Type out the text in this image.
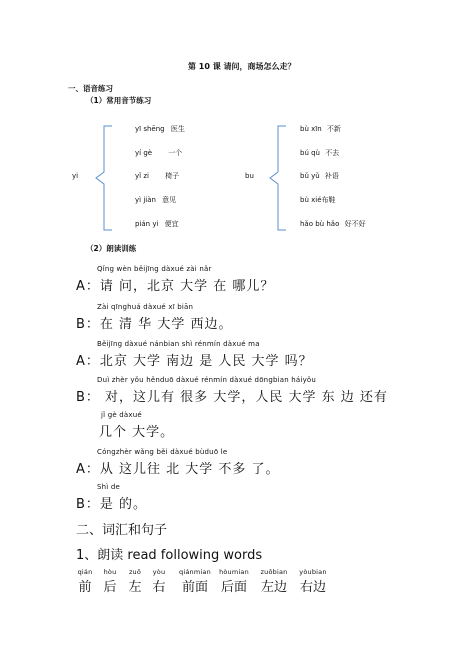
第 10 课 请问，商场怎么走？
一、语音练习
（1）常用音节练习
yi
yī shēng 医生
yí gè 一个
yǐ zi 椅子
yì jiàn 意见
pián yi 便宜
bu
bù xīn 不新
bú qù 不去
bǔ yǔ 补语
bù xié布鞋
hǎo bù hǎo 好不好
（2）朗读训练
Qǐng wèn běijīng dàxué zài nǎr
A：请 问，北京 大学 在 哪儿？
Zài qīnghuá dàxué xī biān
B：在 清 华 大学 西边。
Běijīng dàxué nánbian shì rénmín dàxué ma
A：北京 大学 南边 是 人民 大学 吗？
Duì zhèr yǒu hěnduō dàxué rénmín dàxué dōngbian háiyǒu
B： 对，这儿有 很多 大学，人民 大学 东 边 还有
jǐ gè dàxué
几个 大学。
Cóngzhèr wǎng běi dàxué bùduō le
A：从 这儿往 北 大学 不多 了。
Shì de
B：是 的。
二、词汇和句子
1、朗读 read following words
qián
前
hòu
后
zuǒ
左
yòu
右
qiánmian
前面
hòumian
后面
zuǒbian
左边
yòubian
右边
